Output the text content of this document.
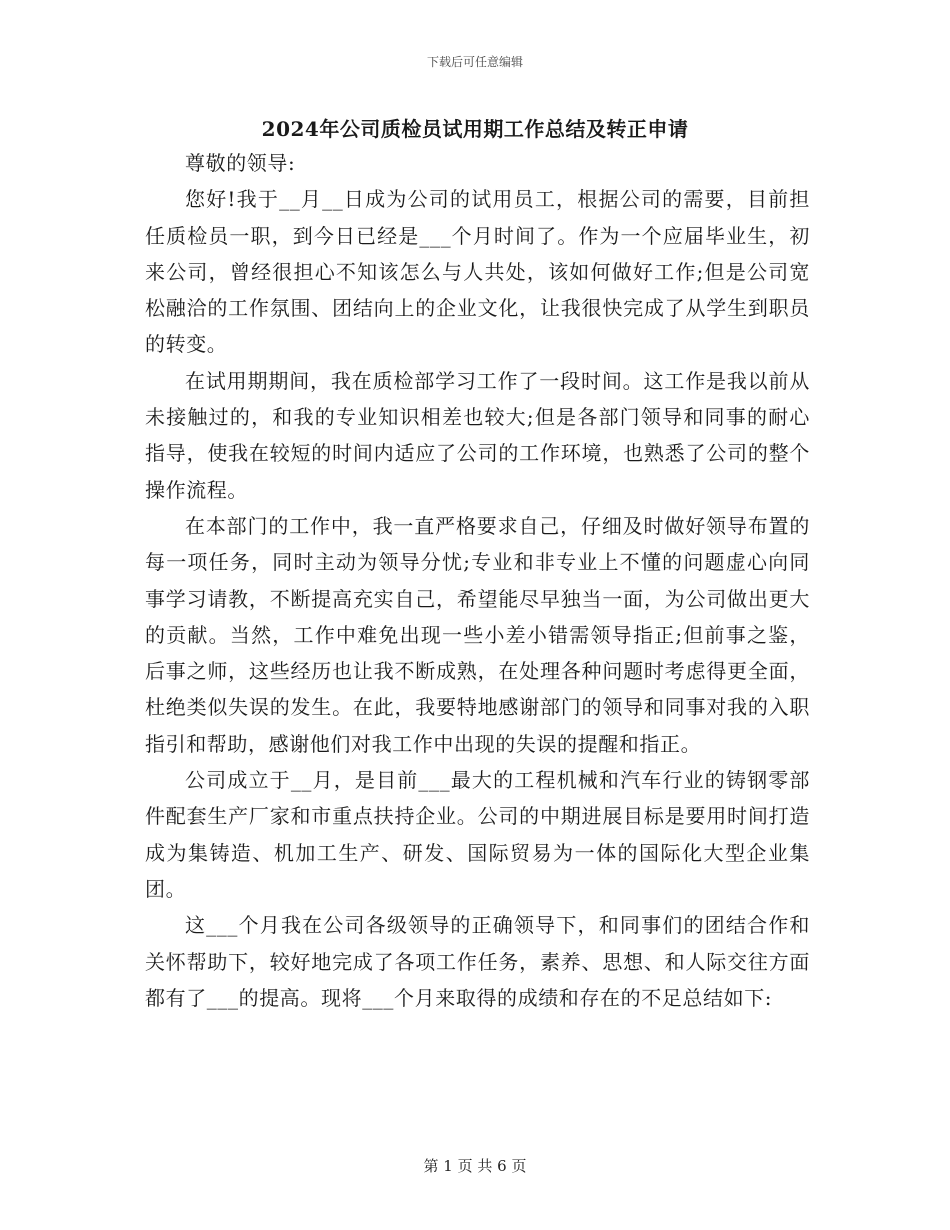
下载后可任意编辑
2024年公司质检员试用期工作总结及转正申请

尊敬的领导:

您好!我于__月__日成为公司的试用员工，根据公司的需要，目前担任质检员一职，到今日已经是___个月时间了。作为一个应届毕业生，初来公司，曾经很担心不知该怎么与人共处，该如何做好工作;但是公司宽松融洽的工作氛围、团结向上的企业文化，让我很快完成了从学生到职员的转变。

在试用期期间，我在质检部学习工作了一段时间。这工作是我以前从未接触过的，和我的专业知识相差也较大;但是各部门领导和同事的耐心指导，使我在较短的时间内适应了公司的工作环境，也熟悉了公司的整个操作流程。

在本部门的工作中，我一直严格要求自己，仔细及时做好领导布置的每一项任务，同时主动为领导分忧;专业和非专业上不懂的问题虚心向同事学习请教，不断提高充实自己，希望能尽早独当一面，为公司做出更大的贡献。当然，工作中难免出现一些小差小错需领导指正;但前事之鉴，后事之师，这些经历也让我不断成熟，在处理各种问题时考虑得更全面，杜绝类似失误的发生。在此，我要特地感谢部门的领导和同事对我的入职指引和帮助，感谢他们对我工作中出现的失误的提醒和指正。

公司成立于__月，是目前___最大的工程机械和汽车行业的铸钢零部件配套生产厂家和市重点扶持企业。公司的中期进展目标是要用时间打造成为集铸造、机加工生产、研发、国际贸易为一体的国际化大型企业集团。

这___个月我在公司各级领导的正确领导下，和同事们的团结合作和关怀帮助下，较好地完成了各项工作任务，素养、思想、和人际交往方面都有了___的提高。现将___个月来取得的成绩和存在的不足总结如下:

第 1 页 共 6 页
